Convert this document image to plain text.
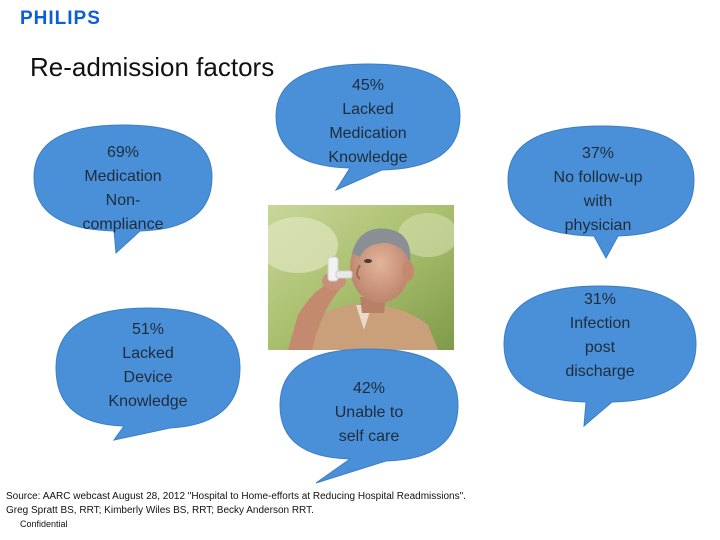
PHILIPS
Re-admission factors
69%
Medication
Non-
compliance
45%
Lacked
Medication
Knowledge	37%
No follow-up
with
physician
51%
Lacked
Device
Knowledge
42%
Unable to
self care
31%
Infection
post
discharge
Source: AARC webcast August 28, 2012 "Hospital to Home-efforts at Reducing Hospital Readmissions".
Greg Spratt BS, RRT; Kimberly Wiles BS, RRT; Becky Anderson RRT.
Confidential
